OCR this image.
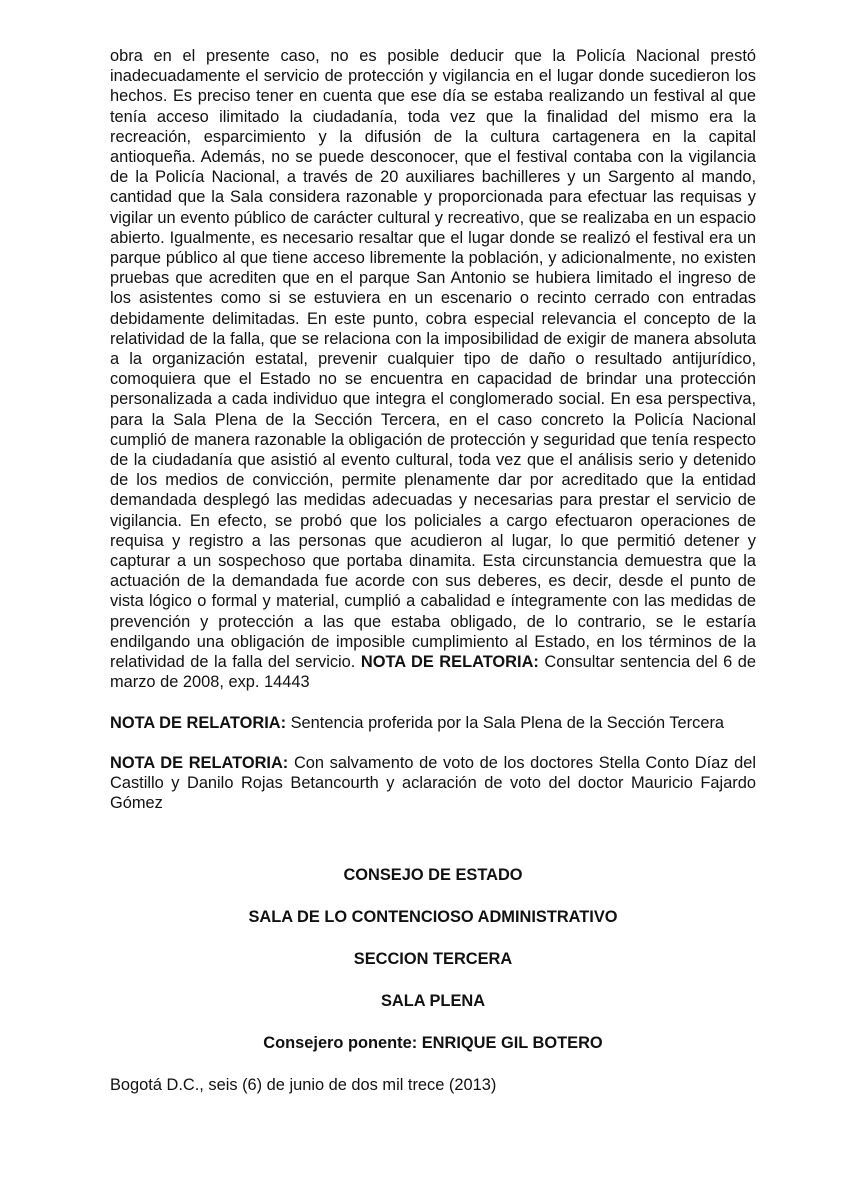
obra en el presente caso, no es posible deducir que la Policía Nacional prestó inadecuadamente el servicio de protección y vigilancia en el lugar donde sucedieron los hechos. Es preciso tener en cuenta que ese día se estaba realizando un festival al que tenía acceso ilimitado la ciudadanía, toda vez que la finalidad del mismo era la recreación, esparcimiento y la difusión de la cultura cartagenera en la capital antioqueña. Además, no se puede desconocer, que el festival contaba con la vigilancia de la Policía Nacional, a través de 20 auxiliares bachilleres y un Sargento al mando, cantidad que la Sala considera razonable y proporcionada para efectuar las requisas y vigilar un evento público de carácter cultural y recreativo, que se realizaba en un espacio abierto. Igualmente, es necesario resaltar que el lugar donde se realizó el festival era un parque público al que tiene acceso libremente la población, y adicionalmente, no existen pruebas que acrediten que en el parque San Antonio se hubiera limitado el ingreso de los asistentes como si se estuviera en un escenario o recinto cerrado con entradas debidamente delimitadas. En este punto, cobra especial relevancia el concepto de la relatividad de la falla, que se relaciona con la imposibilidad de exigir de manera absoluta a la organización estatal, prevenir cualquier tipo de daño o resultado antijurídico, comoquiera que el Estado no se encuentra en capacidad de brindar una protección personalizada a cada individuo que integra el conglomerado social. En esa perspectiva, para la Sala Plena de la Sección Tercera, en el caso concreto la Policía Nacional cumplió de manera razonable la obligación de protección y seguridad que tenía respecto de la ciudadanía que asistió al evento cultural, toda vez que el análisis serio y detenido de los medios de convicción, permite plenamente dar por acreditado que la entidad demandada desplegó las medidas adecuadas y necesarias para prestar el servicio de vigilancia. En efecto, se probó que los policiales a cargo efectuaron operaciones de requisa y registro a las personas que acudieron al lugar, lo que permitió detener y capturar a un sospechoso que portaba dinamita. Esta circunstancia demuestra que la actuación de la demandada fue acorde con sus deberes, es decir, desde el punto de vista lógico o formal y material, cumplió a cabalidad e íntegramente con las medidas de prevención y protección a las que estaba obligado, de lo contrario, se le estaría endilgando una obligación de imposible cumplimiento al Estado, en los términos de la relatividad de la falla del servicio. NOTA DE RELATORIA: Consultar sentencia del 6 de marzo de 2008, exp. 14443

NOTA DE RELATORIA: Sentencia proferida por la Sala Plena de la Sección Tercera

NOTA DE RELATORIA: Con salvamento de voto de los doctores Stella Conto Díaz del Castillo y Danilo Rojas Betancourth y aclaración de voto del doctor Mauricio Fajardo Gómez

CONSEJO DE ESTADO

SALA DE LO CONTENCIOSO ADMINISTRATIVO

SECCION TERCERA

SALA PLENA

Consejero ponente: ENRIQUE GIL BOTERO

Bogotá D.C., seis (6) de junio de dos mil trece (2013)
